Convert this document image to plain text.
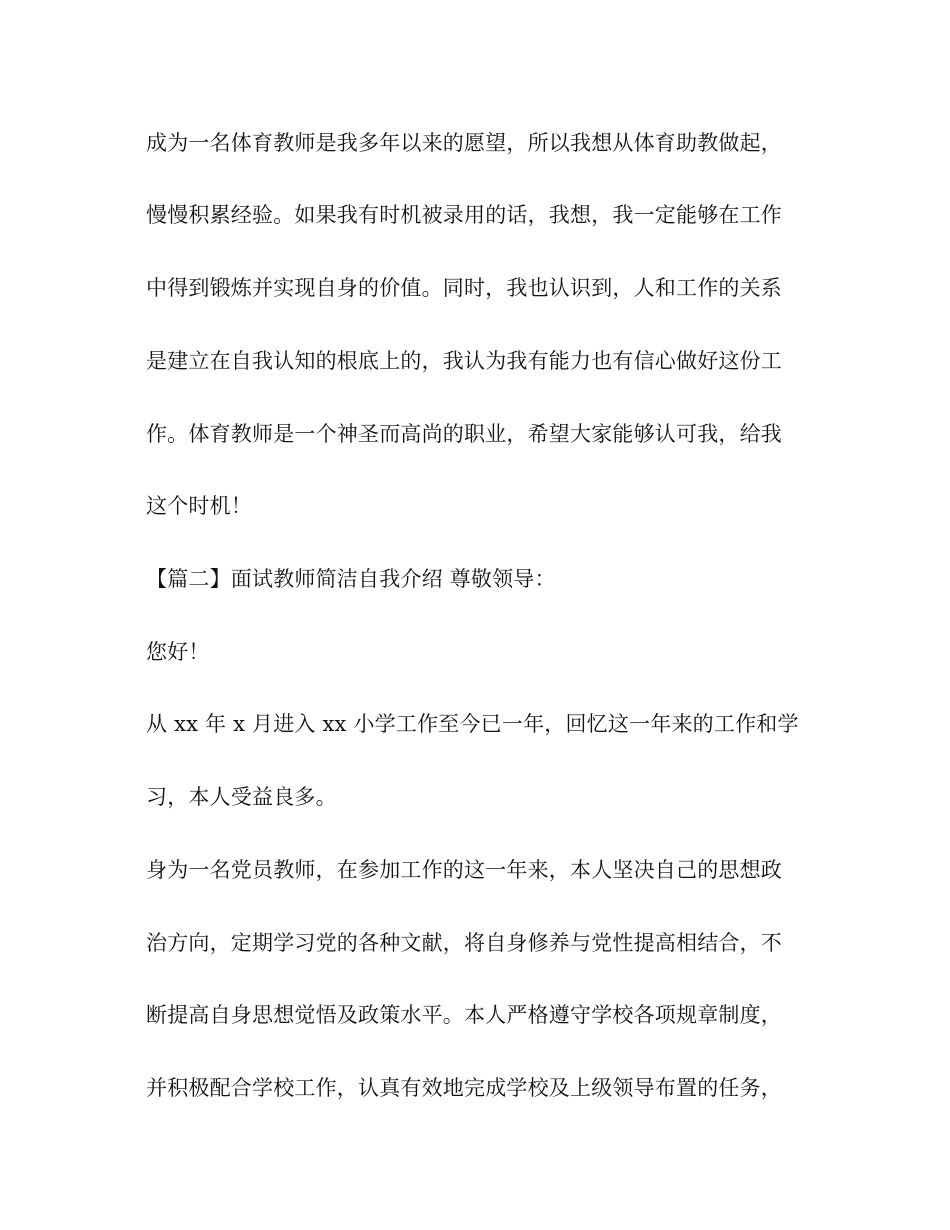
成为一名体育教师是我多年以来的愿望，所以我想从体育助教做起，
慢慢积累经验。如果我有时机被录用的话，我想，我一定能够在工作
中得到锻炼并实现自身的价值。同时，我也认识到，人和工作的关系
是建立在自我认知的根底上的，我认为我有能力也有信心做好这份工
作。体育教师是一个神圣而高尚的职业，希望大家能够认可我，给我
这个时机！
【篇二】面试教师简洁自我介绍 尊敬领导：
您好！
从 xx 年 x 月进入 xx 小学工作至今已一年，回忆这一年来的工作和学
习，本人受益良多。
身为一名党员教师，在参加工作的这一年来，本人坚决自己的思想政
治方向，定期学习党的各种文献，将自身修养与党性提高相结合，不
断提高自身思想觉悟及政策水平。本人严格遵守学校各项规章制度，
并积极配合学校工作，认真有效地完成学校及上级领导布置的任务，
